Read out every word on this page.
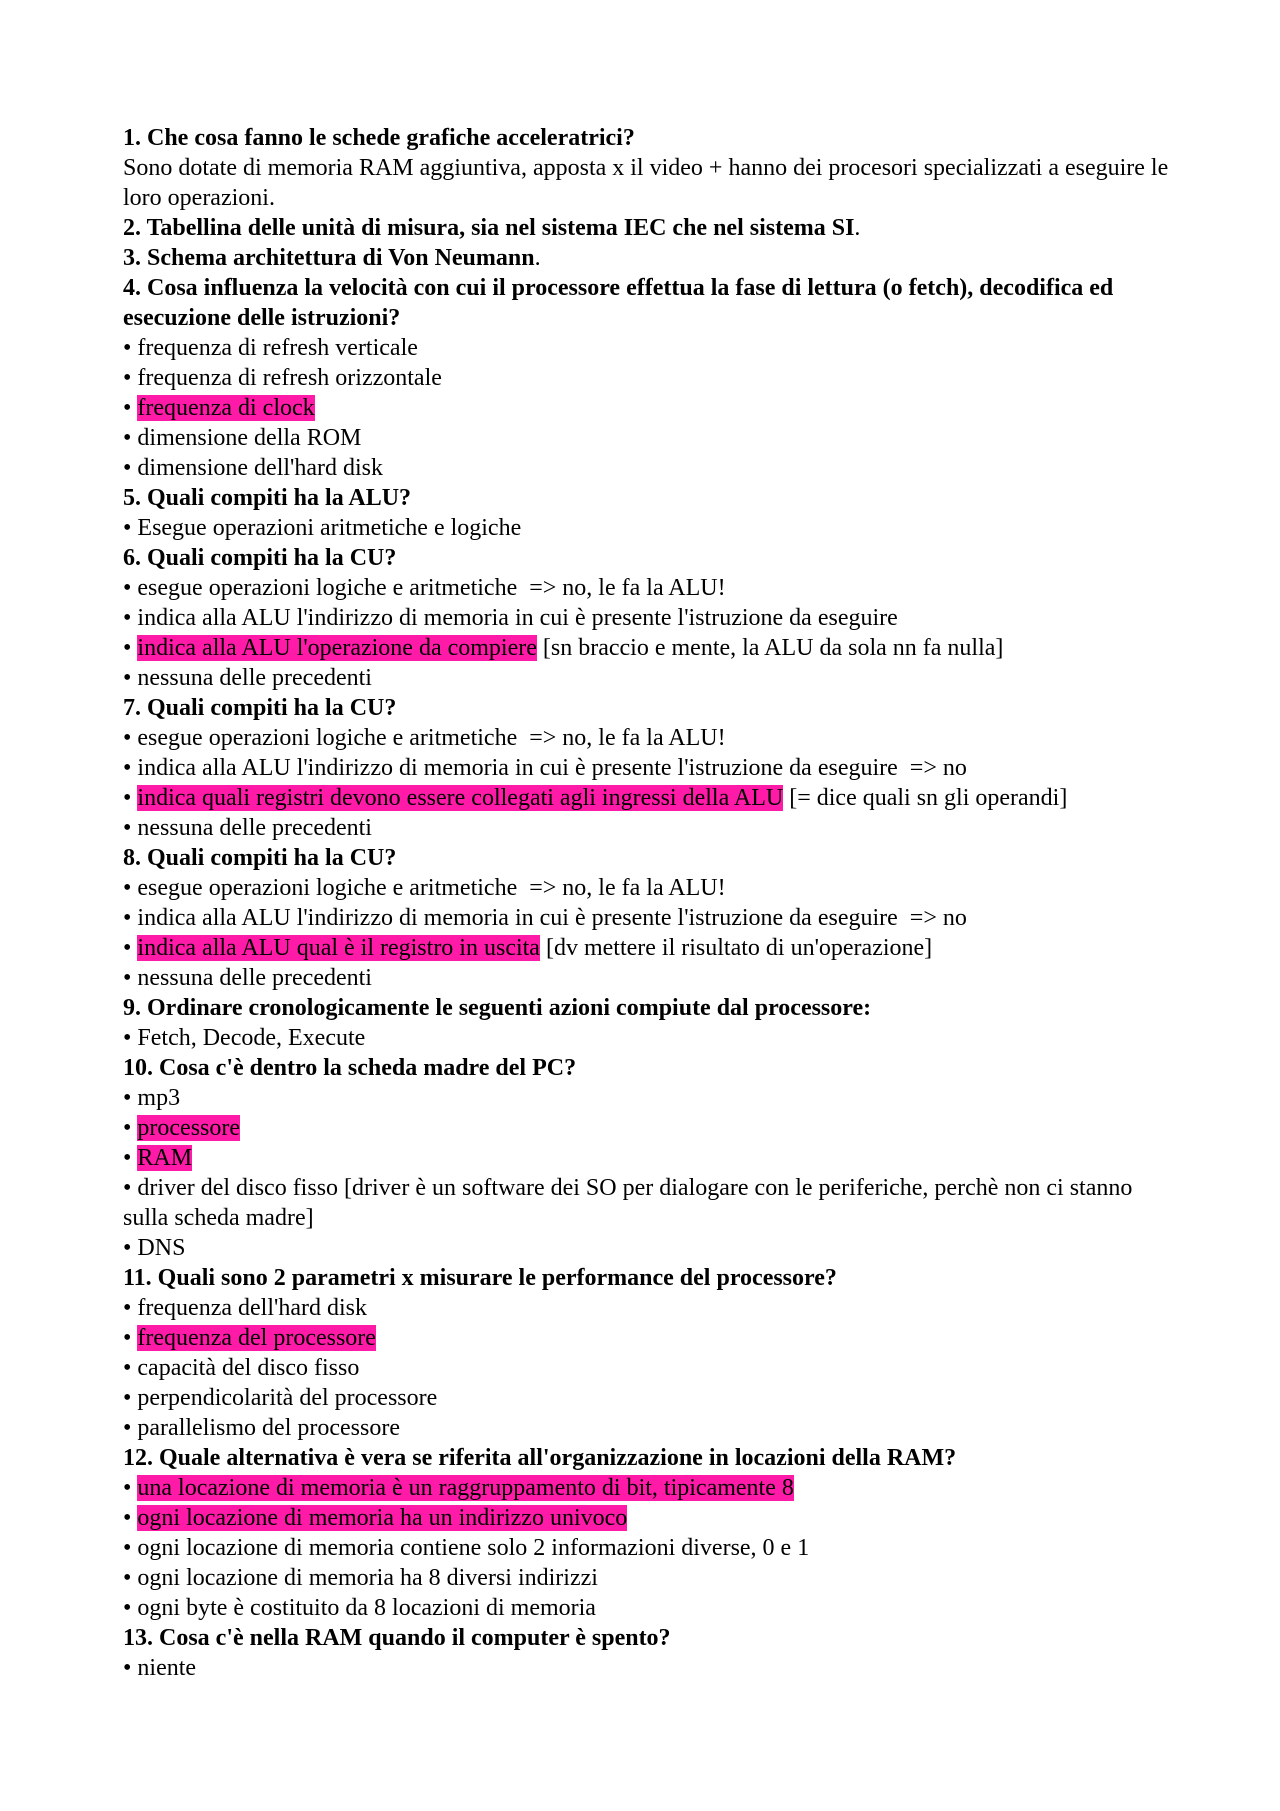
1. Che cosa fanno le schede grafiche acceleratrici?
Sono dotate di memoria RAM aggiuntiva, apposta x il video + hanno dei procesori specializzati a eseguire le loro operazioni.
2. Tabellina delle unità di misura, sia nel sistema IEC che nel sistema SI.
3. Schema architettura di Von Neumann.
4. Cosa influenza la velocità con cui il processore effettua la fase di lettura (o fetch), decodifica ed esecuzione delle istruzioni?
• frequenza di refresh verticale
• frequenza di refresh orizzontale
• frequenza di clock
• dimensione della ROM
• dimensione dell'hard disk
5. Quali compiti ha la ALU?
• Esegue operazioni aritmetiche e logiche
6. Quali compiti ha la CU?
• esegue operazioni logiche e aritmetiche => no, le fa la ALU!
• indica alla ALU l'indirizzo di memoria in cui è presente l'istruzione da eseguire
• indica alla ALU l'operazione da compiere [sn braccio e mente, la ALU da sola nn fa nulla]
• nessuna delle precedenti
7. Quali compiti ha la CU?
• esegue operazioni logiche e aritmetiche => no, le fa la ALU!
• indica alla ALU l'indirizzo di memoria in cui è presente l'istruzione da eseguire => no
• indica quali registri devono essere collegati agli ingressi della ALU [= dice quali sn gli operandi]
• nessuna delle precedenti
8. Quali compiti ha la CU?
• esegue operazioni logiche e aritmetiche => no, le fa la ALU!
• indica alla ALU l'indirizzo di memoria in cui è presente l'istruzione da eseguire => no
• indica alla ALU qual è il registro in uscita [dv mettere il risultato di un'operazione]
• nessuna delle precedenti
9. Ordinare cronologicamente le seguenti azioni compiute dal processore:
• Fetch, Decode, Execute
10. Cosa c'è dentro la scheda madre del PC?
• mp3
• processore
• RAM
• driver del disco fisso [driver è un software dei SO per dialogare con le periferiche, perchè non ci stanno sulla scheda madre]
• DNS
11. Quali sono 2 parametri x misurare le performance del processore?
• frequenza dell'hard disk
• frequenza del processore
• capacità del disco fisso
• perpendicolarità del processore
• parallelismo del processore
12. Quale alternativa è vera se riferita all'organizzazione in locazioni della RAM?
• una locazione di memoria è un raggruppamento di bit, tipicamente 8
• ogni locazione di memoria ha un indirizzo univoco
• ogni locazione di memoria contiene solo 2 informazioni diverse, 0 e 1
• ogni locazione di memoria ha 8 diversi indirizzi
• ogni byte è costituito da 8 locazioni di memoria
13. Cosa c'è nella RAM quando il computer è spento?
• niente
